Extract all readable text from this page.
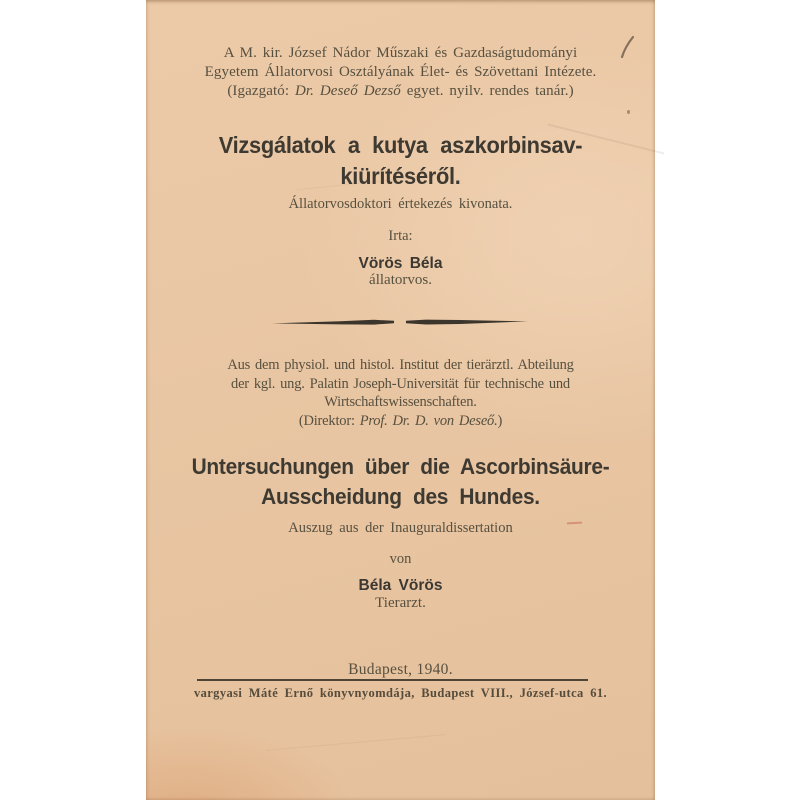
A M. kir. József Nádor Műszaki és Gazdaságtudományi
Egyetem Állatorvosi Osztályának Élet- és Szövettani Intézete.
(Igazgató: Dr. Deseő Dezső egyet. nyilv. rendes tanár.)
Vizsgálatok a kutya aszkorbinsav-
kiürítéséről.
Állatorvosdoktori értekezés kivonata.
Irta:
Vörös Béla
állatorvos.
Aus dem physiol. und histol. Institut der tierärztl. Abteilung
der kgl. ung. Palatin Joseph-Universität für technische und
Wirtschaftswissenschaften.
(Direktor: Prof. Dr. D. von Deseő.)
Untersuchungen über die Ascorbinsäure-
Ausscheidung des Hundes.
Auszug aus der Inauguraldissertation
von
Béla Vörös
Tierarzt.
Budapest, 1940.
vargyasi Máté Ernő könyvnyomdája, Budapest VIII., József-utca 61.
